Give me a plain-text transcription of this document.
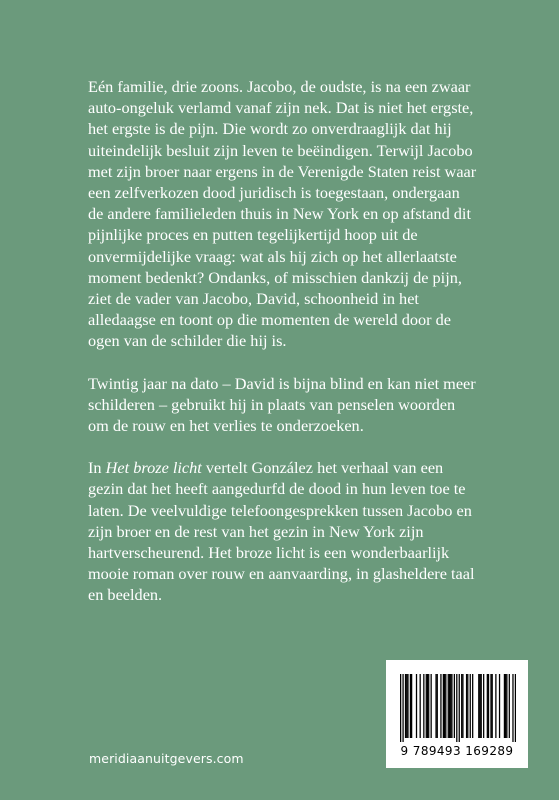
Eén familie, drie zoons. Jacobo, de oudste, is na een zwaar auto-ongeluk verlamd vanaf zijn nek. Dat is niet het ergste, het ergste is de pijn. Die wordt zo onverdraaglijk dat hij uiteindelijk besluit zijn leven te beëindigen. Terwijl Jacobo met zijn broer naar ergens in de Verenigde Staten reist waar een zelfverkozen dood juridisch is toegestaan, ondergaan de andere familieleden thuis in New York en op afstand dit pijnlijke proces en putten tegelijkertijd hoop uit de onvermijdelijke vraag: wat als hij zich op het allerlaatste moment bedenkt? Ondanks, of misschien dankzij de pijn, ziet de vader van Jacobo, David, schoonheid in het alledaagse en toont op die momenten de wereld door de ogen van de schilder die hij is.

Twintig jaar na dato – David is bijna blind en kan niet meer schilderen – gebruikt hij in plaats van penselen woorden om de rouw en het verlies te onderzoeken.

In Het broze licht vertelt González het verhaal van een gezin dat het heeft aangedurfd de dood in hun leven toe te laten. De veelvuldige telefoongesprekken tussen Jacobo en zijn broer en de rest van het gezin in New York zijn hartverscheurend. Het broze licht is een wonderbaarlijk mooie roman over rouw en aanvaarding, in glasheldere taal en beelden.

meridiaanuitgevers.com	9 789493 169289
